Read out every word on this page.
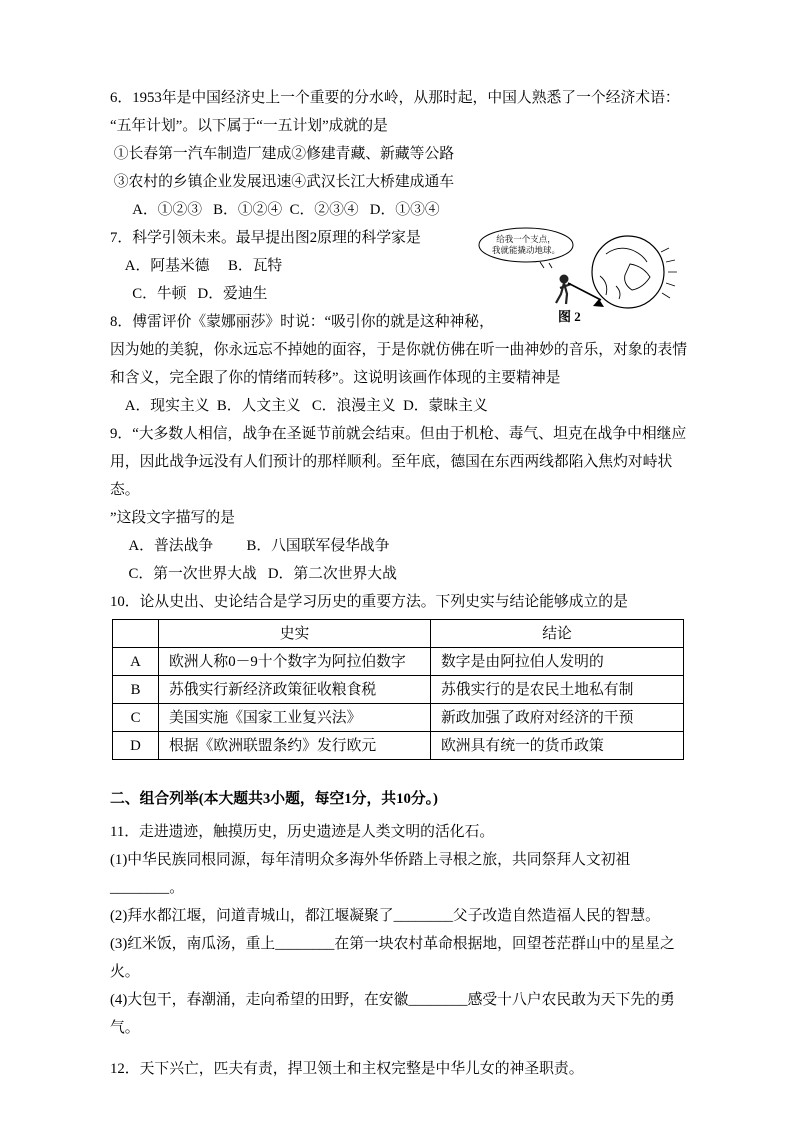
6．1953年是中国经济史上一个重要的分水岭，从那时起，中国人熟悉了一个经济术语：
“五年计划”。以下属于“一五计划”成就的是
①长春第一汽车制造厂建成②修建青藏、新藏等公路
③农村的乡镇企业发展迅速④武汉长江大桥建成通车
A．①②③   B．①②④  C．②③④   D．①③④
7．科学引领未来。最早提出图2原理的科学家是
A．阿基米德     B．瓦特
C．牛顿   D．爱迪生
8．傅雷评价《蒙娜丽莎》时说：“吸引你的就是这种神秘，
因为她的美貌，你永远忘不掉她的面容，于是你就仿佛在听一曲神妙的音乐，对象的表情
和含义，完全跟了你的情绪而转移”。这说明该画作体现的主要精神是
A．现实主义  B．人文主义   C．浪漫主义  D．蒙昧主义
9．“大多数人相信，战争在圣诞节前就会结束。但由于机枪、毒气、坦克在战争中相继应
用，因此战争远没有人们预计的那样顺利。至年底，德国在东西两线都陷入焦灼对峙状态。
”这段文字描写的是
A．普法战争         B．八国联军侵华战争
C．第一次世界大战   D．第二次世界大战
10．论从史出、史论结合是学习历史的重要方法。下列史实与结论能够成立的是
	史实	结论
A	欧洲人称0－9十个数字为阿拉伯数字	数字是由阿拉伯人发明的
B	苏俄实行新经济政策征收粮食税	苏俄实行的是农民土地私有制
C	美国实施《国家工业复兴法》	新政加强了政府对经济的干预
D	根据《欧洲联盟条约》发行欧元	欧洲具有统一的货币政策
二、组合列举(本大题共3小题，每空1分，共10分。)
11．走进遗迹，触摸历史，历史遗迹是人类文明的活化石。
(1)中华民族同根同源，每年清明众多海外华侨踏上寻根之旅，共同祭拜人文初祖
________。
(2)拜水都江堰，问道青城山，都江堰凝聚了________父子改造自然造福人民的智慧。
(3)红米饭，南瓜汤，重上________在第一块农村革命根据地，回望苍茫群山中的星星之
火。
(4)大包干，春潮涌，走向希望的田野，在安徽________感受十八户农民敢为天下先的勇
气。
12．天下兴亡，匹夫有责，捍卫领土和主权完整是中华儿女的神圣职责。
给我一个支点，
我就能撬动地球。
图 2
